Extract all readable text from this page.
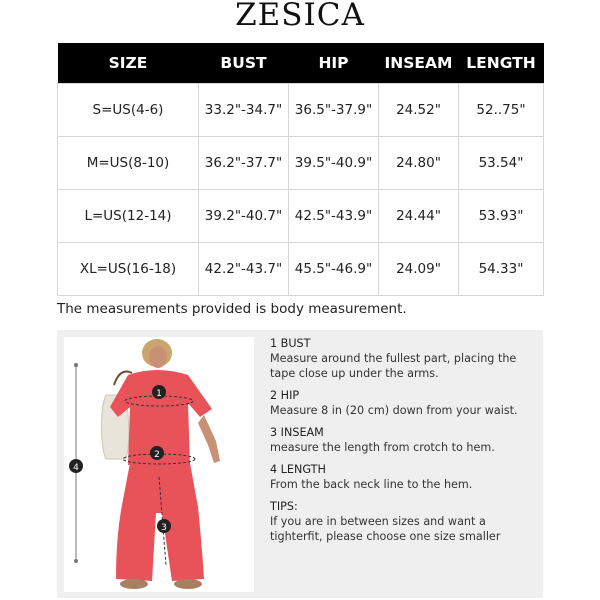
ZESICA
SIZE	BUST	HIP	INSEAM	LENGTH
S=US(4-6)	33.2"-34.7"	36.5"-37.9"	24.52"	52..75"
M=US(8-10)	36.2"-37.7"	39.5"-40.9"	24.80"	53.54"
L=US(12-14)	39.2"-40.7"	42.5"-43.9"	24.44"	53.93"
XL=US(16-18)	42.2"-43.7"	45.5"-46.9"	24.09"	54.33"
The measurements provided is body measurement.
1
2
3
4
1 BUST
Measure around the fullest part, placing the tape close up under the arms.
2 HIP
Measure 8 in (20 cm) down from your waist.
3 INSEAM
measure the length from crotch to hem.
4 LENGTH
From the back neck line to the hem.
TIPS:
If you are in between sizes and want a tighterfit, please choose one size smaller
